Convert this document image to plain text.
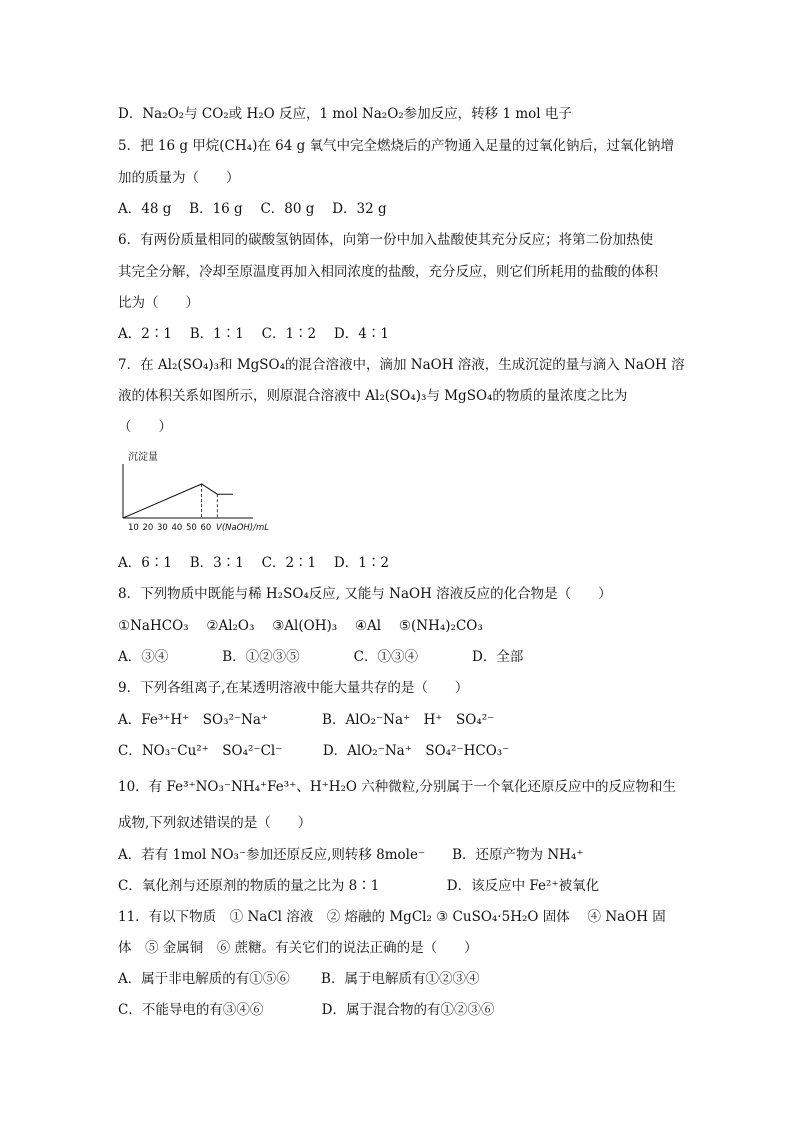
D．Na₂O₂与 CO₂或 H₂O 反应，1 mol Na₂O₂参加反应，转移 1 mol 电子
5．把 16 g 甲烷(CH₄)在 64 g 氧气中完全燃烧后的产物通入足量的过氧化钠后，过氧化钠增
加的质量为（　　）
A．48 g　 B．16 g　 C．80 g　 D．32 g
6．有两份质量相同的碳酸氢钠固体，向第一份中加入盐酸使其充分反应；将第二份加热使
其完全分解，冷却至原温度再加入相同浓度的盐酸，充分反应，则它们所耗用的盐酸的体积
比为（　　）
A．2∶1　 B．1∶1　 C．1∶2　 D．4∶1
7．在 Al₂(SO₄)₃和 MgSO₄的混合溶液中，滴加 NaOH 溶液，生成沉淀的量与滴入 NaOH 溶
液的体积关系如图所示，则原混合溶液中 Al₂(SO₄)₃与 MgSO₄的物质的量浓度之比为
（　　）
沉淀量
10 20 30 40 50 60 V(NaOH)/mL
A．6∶1　 B．3∶1　 C．2∶1　 D．1∶2
8．下列物质中既能与稀 H₂SO₄反应, 又能与 NaOH 溶液反应的化合物是（　　）
①NaHCO₃　 ②Al₂O₃　 ③Al(OH)₃　 ④Al　 ⑤(NH₄)₂CO₃
A．③④　　　　B．①②③⑤　　　　C．①③④　　　　D．全部
9．下列各组离子,在某透明溶液中能大量共存的是（　　）
A．Fe³⁺H⁺　SO₃²⁻Na⁺　　　　B．AlO₂⁻Na⁺　H⁺　SO₄²⁻
C．NO₃⁻Cu²⁺　SO₄²⁻Cl⁻　　　D．AlO₂⁻Na⁺　SO₄²⁻HCO₃⁻
10．有 Fe³⁺NO₃⁻NH₄⁺Fe³⁺、H⁺H₂O 六种微粒,分别属于一个氧化还原反应中的反应物和生
成物,下列叙述错误的是（　　）
A．若有 1mol NO₃⁻参加还原反应,则转移 8mole⁻　　B．还原产物为 NH₄⁺
C．氧化剂与还原剂的物质的量之比为 8∶1　　　　　D．该反应中 Fe²⁺被氧化
11．有以下物质　① NaCl 溶液　② 熔融的 MgCl₂ ③ CuSO₄·5H₂O 固体　 ④ NaOH 固
体　⑤ 金属铜　⑥ 蔗糖。有关它们的说法正确的是（　　）
A．属于非电解质的有①⑤⑥　　 B．属于电解质有①②③④
C．不能导电的有③④⑥　　　　 D．属于混合物的有①②③⑥
